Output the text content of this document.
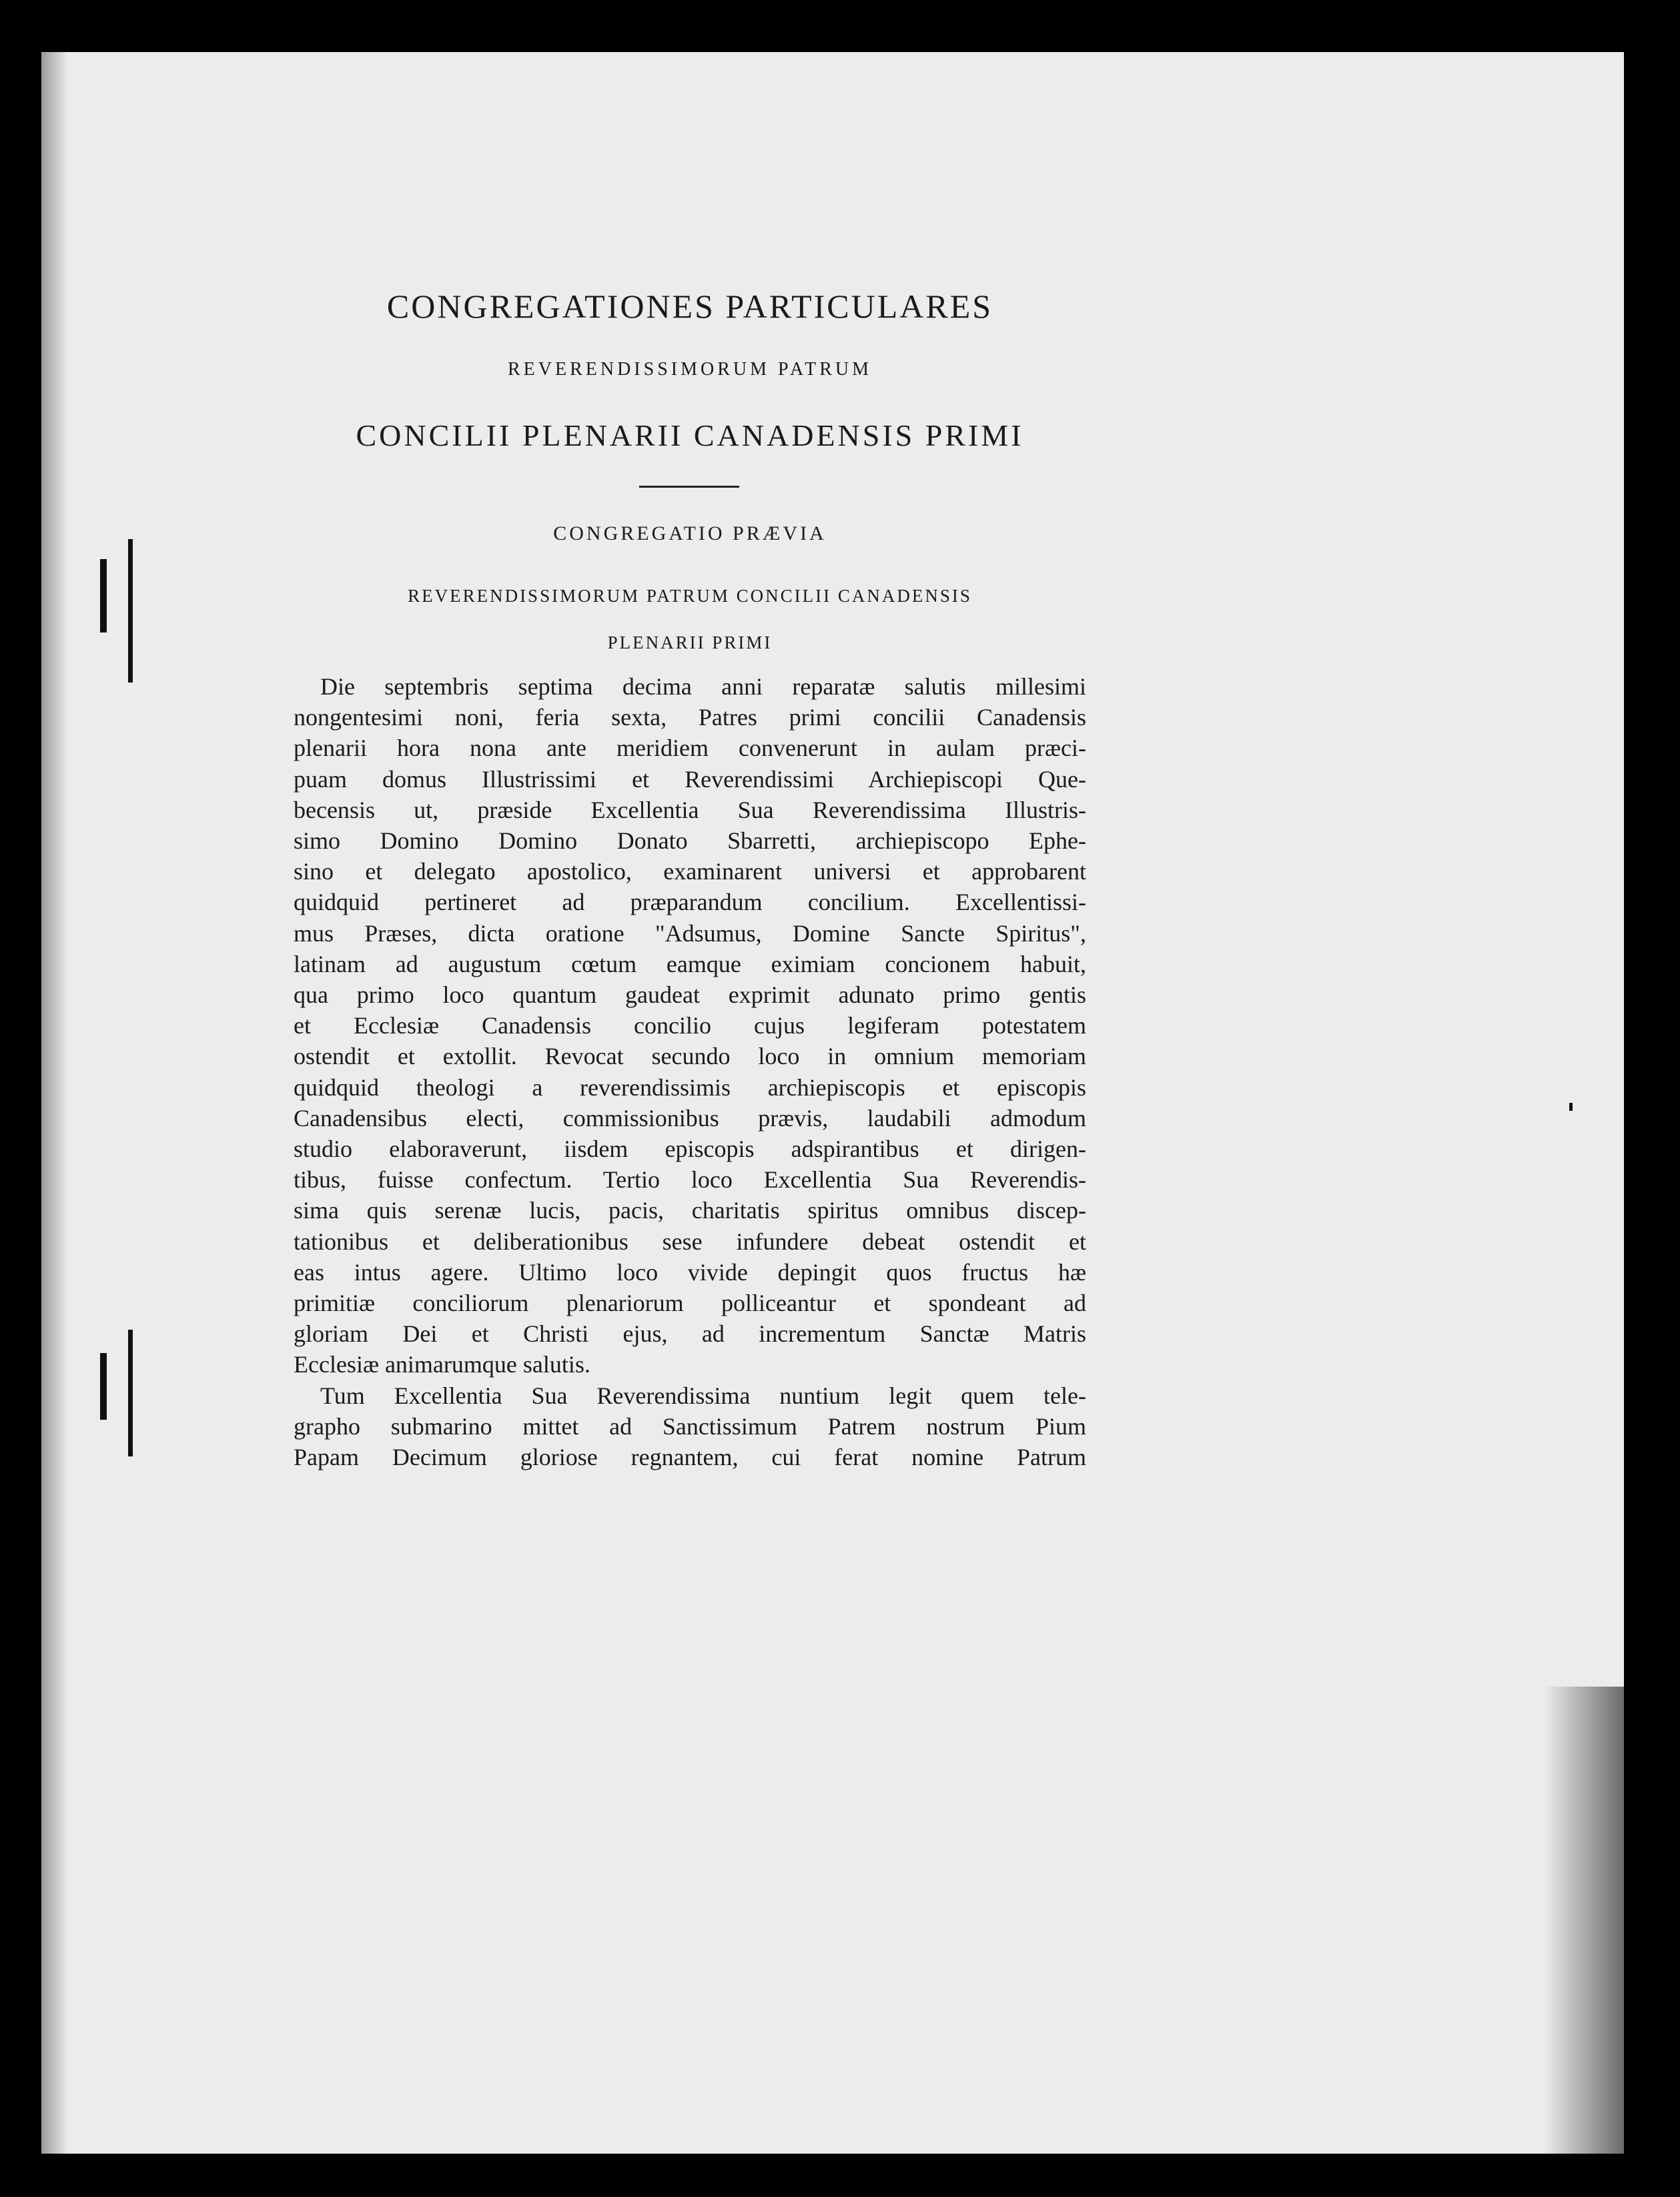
CONGREGATIONES PARTICULARES
REVERENDISSIMORUM PATRUM
CONCILII PLENARII CANADENSIS PRIMI
CONGREGATIO PRÆVIA
REVERENDISSIMORUM PATRUM CONCILII CANADENSIS
PLENARII PRIMI
Die septembris septima decima anni reparatæ salutis millesimi
nongentesimi noni, feria sexta, Patres primi concilii Canadensis
plenarii hora nona ante meridiem convenerunt in aulam præci-
puam domus Illustrissimi et Reverendissimi Archiepiscopi Que-
becensis ut, præside Excellentia Sua Reverendissima Illustris-
simo Domino Domino Donato Sbarretti, archiepiscopo Ephe-
sino et delegato apostolico, examinarent universi et approbarent
quidquid pertineret ad præparandum concilium. Excellentissi-
mus Præses, dicta oratione "Adsumus, Domine Sancte Spiritus",
latinam ad augustum cœtum eamque eximiam concionem habuit,
qua primo loco quantum gaudeat exprimit adunato primo gentis
et Ecclesiæ Canadensis concilio cujus legiferam potestatem
ostendit et extollit. Revocat secundo loco in omnium memoriam
quidquid theologi a reverendissimis archiepiscopis et episcopis
Canadensibus electi, commissionibus prævis, laudabili admodum
studio elaboraverunt, iisdem episcopis adspirantibus et dirigen-
tibus, fuisse confectum. Tertio loco Excellentia Sua Reverendis-
sima quis serenæ lucis, pacis, charitatis spiritus omnibus discep-
tationibus et deliberationibus sese infundere debeat ostendit et
eas intus agere. Ultimo loco vivide depingit quos fructus hæ
primitiæ conciliorum plenariorum polliceantur et spondeant ad
gloriam Dei et Christi ejus, ad incrementum Sanctæ Matris
Ecclesiæ animarumque salutis.
Tum Excellentia Sua Reverendissima nuntium legit quem tele-
grapho submarino mittet ad Sanctissimum Patrem nostrum Pium
Papam Decimum gloriose regnantem, cui ferat nomine Patrum
